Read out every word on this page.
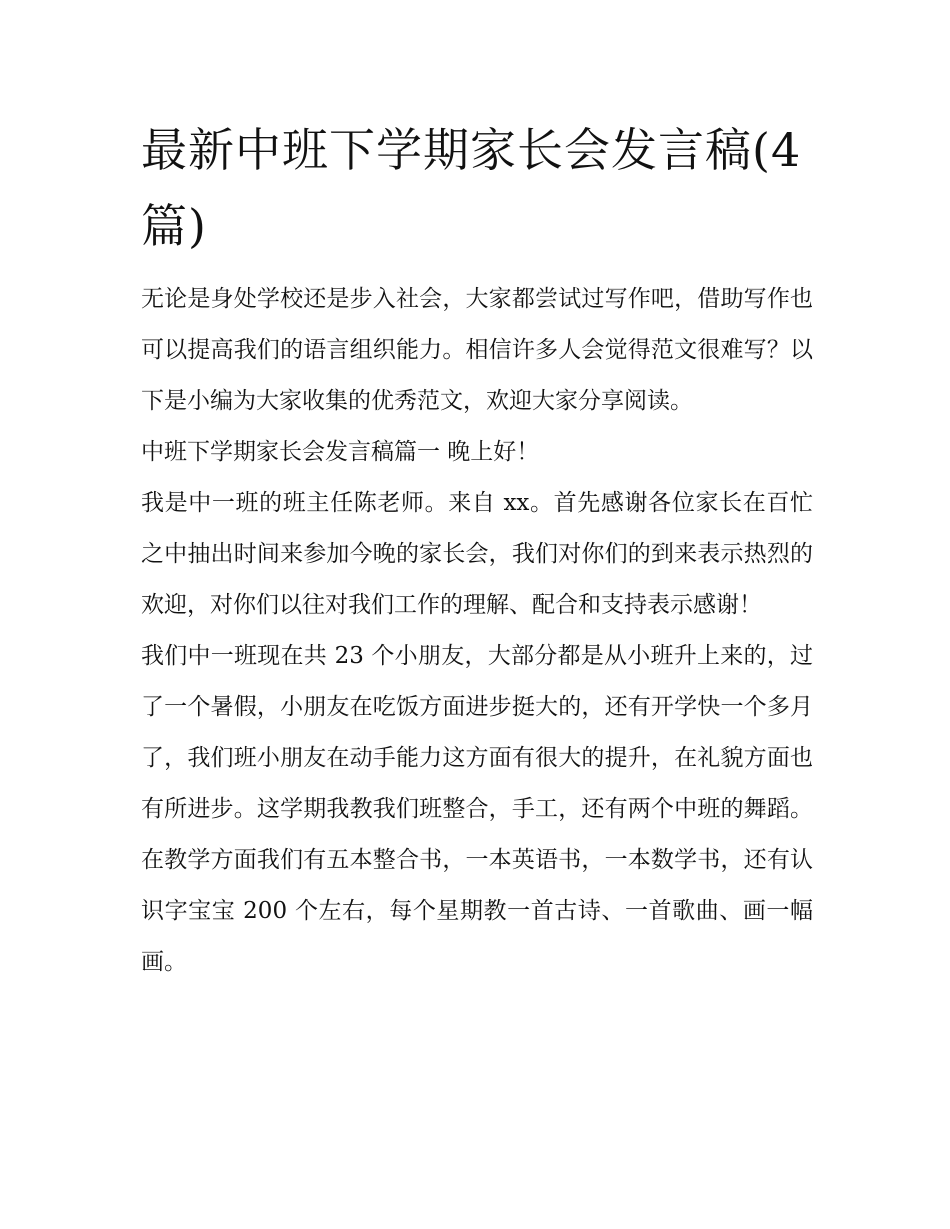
最新中班下学期家长会发言稿(4 篇)

无论是身处学校还是步入社会，大家都尝试过写作吧，借助写作也可以提高我们的语言组织能力。相信许多人会觉得范文很难写？以下是小编为大家收集的优秀范文，欢迎大家分享阅读。

中班下学期家长会发言稿篇一 晚上好！

我是中一班的班主任陈老师。来自 xx。首先感谢各位家长在百忙之中抽出时间来参加今晚的家长会，我们对你们的到来表示热烈的欢迎，对你们以往对我们工作的理解、配合和支持表示感谢！

我们中一班现在共 23 个小朋友，大部分都是从小班升上来的，过了一个暑假，小朋友在吃饭方面进步挺大的，还有开学快一个多月了，我们班小朋友在动手能力这方面有很大的提升，在礼貌方面也有所进步。这学期我教我们班整合，手工，还有两个中班的舞蹈。在教学方面我们有五本整合书，一本英语书，一本数学书，还有认识字宝宝 200 个左右，每个星期教一首古诗、一首歌曲、画一幅画。
